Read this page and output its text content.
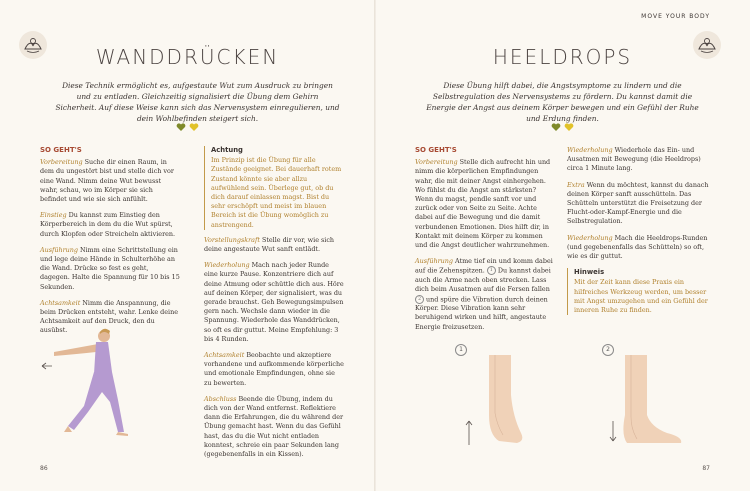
WANDDRÜCKEN
Diese Technik ermöglicht es, aufgestaute Wut zum Ausdruck zu bringen und zu entladen. Gleichzeitig signalisiert die Übung dem Gehirn Sicherheit. Auf diese Weise kann sich das Nervensystem einregulieren, und dein Wohlbefinden steigert sich.
SO GEHT'S

Vorbereitung Suche dir einen Raum, in dem du ungestört bist und stelle dich vor eine Wand. Nimm deine Wut bewusst wahr, schau, wo im Körper sie sich befindet und wie sie sich anfühlt.

Einstieg Du kannst zum Einstieg den Körperbereich in dem du die Wut spürst, durch Klopfen oder Streicheln aktivieren.

Ausführung Nimm eine Schrittstellung ein und lege deine Hände in Schulterhöhe an die Wand. Drücke so fest es geht, dagegen. Halte die Spannung für 10 bis 15 Sekunden.

Achtsamkeit Nimm die Anspannung, die beim Drücken entsteht, wahr. Lenke deine Achtsamkeit auf den Druck, den du ausübst.

Achtung
Im Prinzip ist die Übung für alle Zustände geeignet. Bei dauerhaft rotem Zustand könnte sie aber allzu aufwühlend sein. Überlege gut, ob du dich darauf einlassen magst. Bist du sehr erschöpft und meist im blauen Bereich ist die Übung womöglich zu anstrengend.

Vorstellungskraft Stelle dir vor, wie sich deine angestaute Wut sanft entlädt.

Wiederholung Mach nach jeder Runde eine kurze Pause. Konzentriere dich auf deine Atmung oder schüttle dich aus. Höre auf deinen Körper, der signalisiert, was du gerade brauchst. Geh Bewegungsimpulsen gern nach. Wechsle dann wieder in die Spannung. Wiederhole das Wanddrücken, so oft es dir guttut. Meine Empfehlung: 3 bis 4 Runden.

Achtsamkeit Beobachte und akzeptiere vorhandene und aufkommende körperliche und emotionale Empfindungen, ohne sie zu bewerten.

Abschluss Beende die Übung, indem du dich von der Wand entfernst. Reflektiere dann die Erfahrungen, die du während der Übung gemacht hast. Wenn du das Gefühl hast, das du die Wut nicht entladen konntest, schreie ein paar Sekunden lang (gegebenenfalls in ein Kissen).

86
MOVE YOUR BODY
HEELDROPS
Diese Übung hilft dabei, die Angstsymptome zu lindern und die Selbstregulation des Nervensystems zu fördern. Du kannst damit die Energie der Angst aus deinem Körper bewegen und ein Gefühl der Ruhe und Erdung finden.
SO GEHT'S

Vorbereitung Stelle dich aufrecht hin und nimm die körperlichen Empfindungen wahr, die mit deiner Angst einhergehen. Wo fühlst du die Angst am stärksten? Wenn du magst, pendle sanft vor und zurück oder von Seite zu Seite. Achte dabei auf die Bewegung und die damit verbundenen Emotionen. Dies hilft dir, in Kontakt mit deinem Körper zu kommen und die Angst deutlicher wahrzunehmen.

Ausführung Atme tief ein und komm dabei auf die Zehenspitzen. 1 Du kannst dabei auch die Arme nach oben strecken. Lass dich beim Ausatmen auf die Fersen fallen 2 und spüre die Vibration durch deinen Körper. Diese Vibration kann sehr beruhigend wirken und hilft, angestaute Energie freizusetzen.

Wiederholung Wiederhole das Ein- und Ausatmen mit Bewegung (die Heeldrops) circa 1 Minute lang.

Extra Wenn du möchtest, kannst du danach deinen Körper sanft ausschütteln. Das Schütteln unterstützt die Freisetzung der Flucht-oder-Kampf-Energie und die Selbstregulation.

Wiederholung Mach die Heeldrops-Runden (und gegebenenfalls das Schütteln) so oft, wie es dir guttut.

Hinweis
Mit der Zeit kann diese Praxis ein hilfreiches Werkzeug werden, um besser mit Angst umzugehen und ein Gefühl der inneren Ruhe zu finden.
1	2
87
